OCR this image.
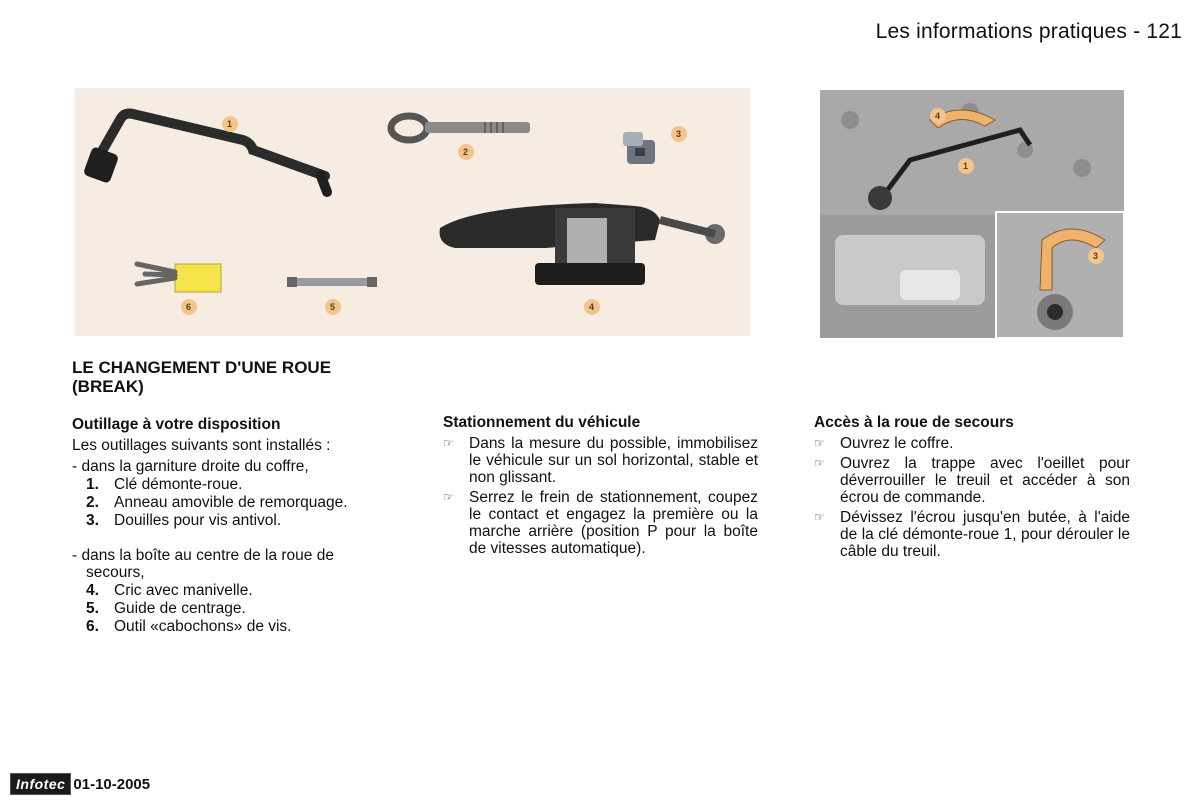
Les informations pratiques - 121
1
2
3
4
5
6
1
4
3
LE CHANGEMENT D'UNE ROUE (BREAK)
Outillage à votre disposition

Les outillages suivants sont installés :

- dans la garniture droite du coffre,

1. Clé démonte-roue.
2. Anneau amovible de remorquage.
3. Douilles pour vis antivol.

- dans la boîte au centre de la roue de secours,

4. Cric avec manivelle.
5. Guide de centrage.
6. Outil «cabochons» de vis.
Stationnement du véhicule
☞ Dans la mesure du possible, immobilisez le véhicule sur un sol horizontal, stable et non glissant.
☞ Serrez le frein de stationnement, coupez le contact et engagez la première ou la marche arrière (position P pour la boîte de vitesses automatique).
Accès à la roue de secours
☞ Ouvrez le coffre.
☞ Ouvrez la trappe avec l'oeillet pour déverrouiller le treuil et accéder à son écrou de commande.
☞ Dévissez l'écrou jusqu'en butée, à l'aide de la clé démonte-roue 1, pour dérouler le câble du treuil.
Infotec 01-10-2005
